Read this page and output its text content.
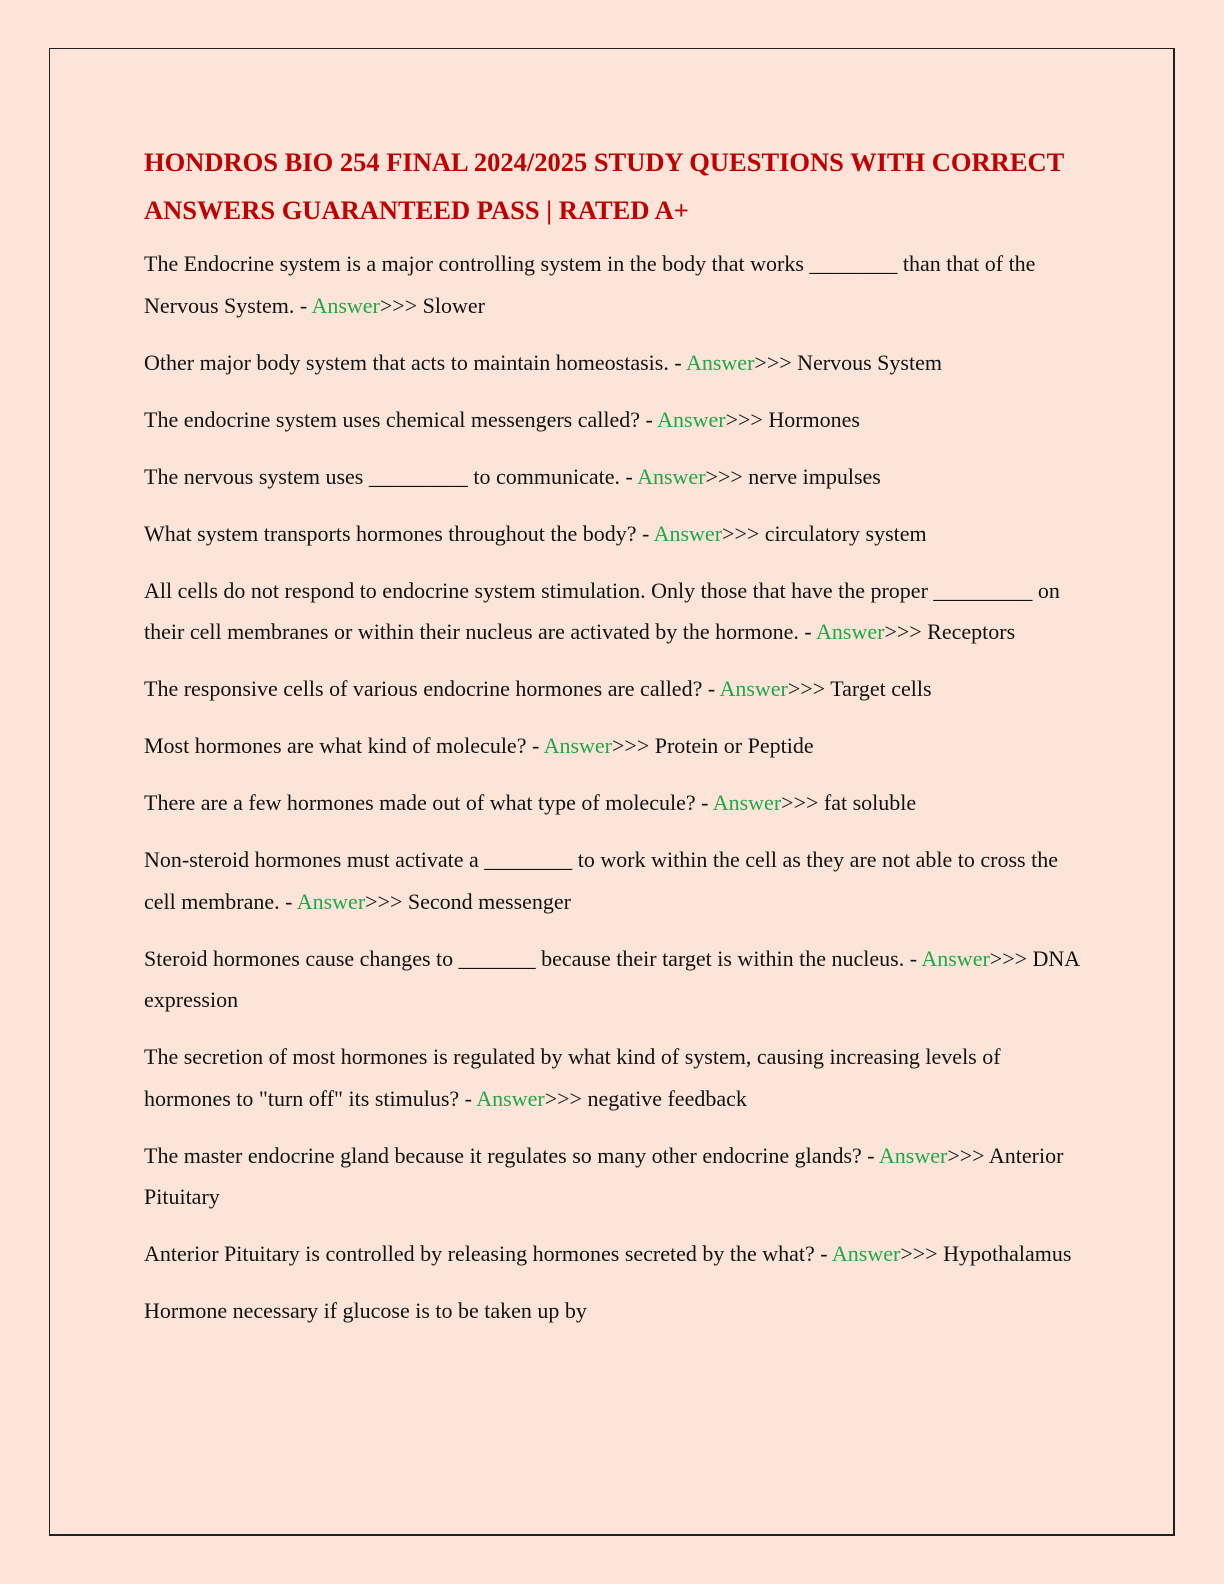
HONDROS BIO 254 FINAL 2024/2025 STUDY QUESTIONS WITH CORRECT ANSWERS GUARANTEED PASS | RATED A+

The Endocrine system is a major controlling system in the body that works ________ than that of the Nervous System. - Answer>>> Slower

Other major body system that acts to maintain homeostasis. - Answer>>> Nervous System

The endocrine system uses chemical messengers called? - Answer>>> Hormones

The nervous system uses _________ to communicate. - Answer>>> nerve impulses

What system transports hormones throughout the body? - Answer>>> circulatory system

All cells do not respond to endocrine system stimulation. Only those that have the proper _________ on their cell membranes or within their nucleus are activated by the hormone. - Answer>>> Receptors

The responsive cells of various endocrine hormones are called? - Answer>>> Target cells

Most hormones are what kind of molecule? - Answer>>> Protein or Peptide

There are a few hormones made out of what type of molecule? - Answer>>> fat soluble

Non-steroid hormones must activate a ________ to work within the cell as they are not able to cross the cell membrane. - Answer>>> Second messenger

Steroid hormones cause changes to _______ because their target is within the nucleus. - Answer>>> DNA expression

The secretion of most hormones is regulated by what kind of system, causing increasing levels of hormones to "turn off" its stimulus? - Answer>>> negative feedback

The master endocrine gland because it regulates so many other endocrine glands? - Answer>>> Anterior Pituitary

Anterior Pituitary is controlled by releasing hormones secreted by the what? - Answer>>> Hypothalamus

Hormone necessary if glucose is to be taken up by
